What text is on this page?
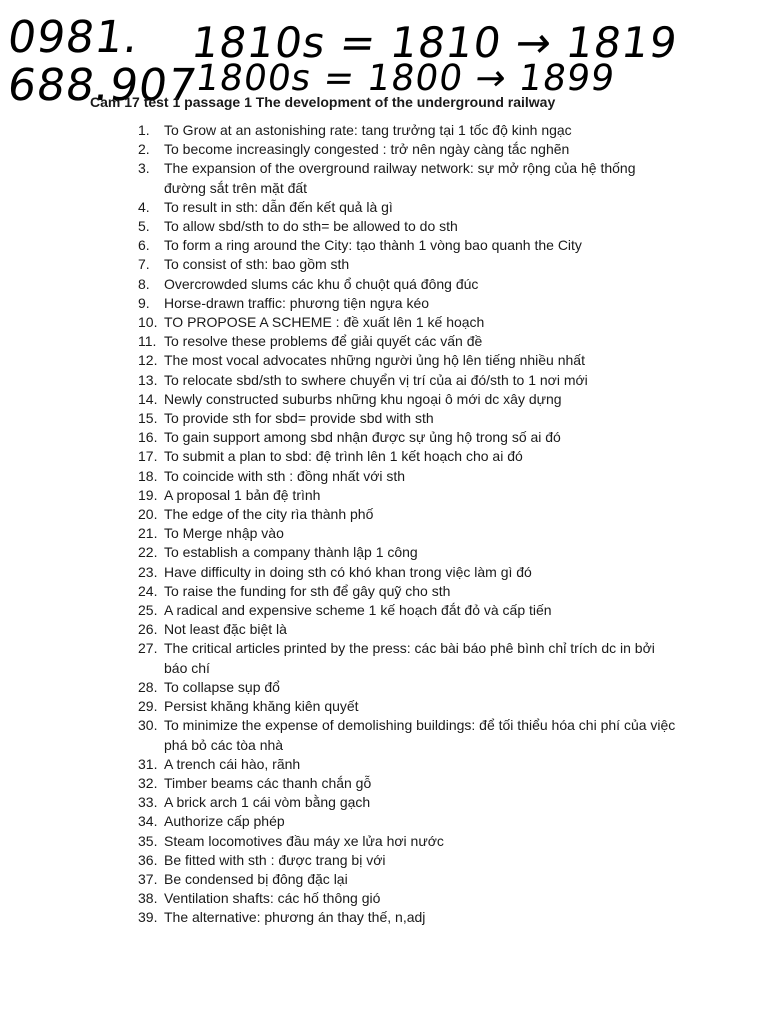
0981. 1810s = 1810 → 1819
688.907
1800s = 1800 → 1899
Cam 17 test 1 passage 1 The development of the underground railway
1.	To Grow at an astonishing rate: tang trưởng tại 1 tốc độ kinh ngạc
2.	To become increasingly congested : trở nên ngày càng tắc nghẽn
3.	The expansion of the overground railway network: sự mở rộng của hệ thống đường sắt trên mặt đất
4.	To result in sth: dẫn đến kết quả là gì
5.	To allow sbd/sth to do sth= be allowed to do sth
6.	To form a ring around the City: tạo thành 1 vòng bao quanh the City
7.	To consist of sth: bao gồm sth
8.	Overcrowded slums các khu ổ chuột quá đông đúc
9.	Horse-drawn traffic: phương tiện ngựa kéo
10. TO PROPOSE A SCHEME : đề xuất lên 1 kế hoạch
11. To resolve these problems để giải quyết các vấn đề
12. The most vocal advocates những người ủng hộ lên tiếng nhiều nhất
13. To relocate sbd/sth to swhere chuyển vị trí của ai đó/sth to 1 nơi mới
14. Newly constructed suburbs những khu ngoại ô mới dc xây dựng
15. To provide sth for sbd= provide sbd with sth
16. To gain support among sbd nhận được sự ủng hộ trong số ai đó
17. To submit a plan to sbd: đệ trình lên 1 kết hoạch cho ai đó
18. To coincide with sth : đồng nhất với sth
19. A proposal 1 bản đệ trình
20. The edge of the city rìa thành phố
21. To Merge nhập vào
22. To establish a company thành lập 1 công
23. Have difficulty in doing sth có khó khan trong việc làm gì đó
24. To raise the funding for sth để gây quỹ cho sth
25. A radical and expensive scheme 1 kế hoạch đắt đỏ và cấp tiến
26. Not least đặc biệt là
27. The critical articles printed by the press: các bài báo phê bình chỉ trích dc in bởi báo chí
28. To collapse sụp đổ
29. Persist khăng khăng kiên quyết
30. To minimize the expense of demolishing buildings: để tối thiểu hóa chi phí của việc phá bỏ các tòa nhà
31. A trench cái hào, rãnh
32. Timber beams các thanh chắn gỗ
33. A brick arch 1 cái vòm bằng gạch
34. Authorize cấp phép
35. Steam locomotives đầu máy xe lửa hơi nước
36. Be fitted with sth : được trang bị với
37. Be condensed bị đông đặc lại
38. Ventilation shafts: các hố thông gió
39. The alternative: phương án thay thế, n,adj
